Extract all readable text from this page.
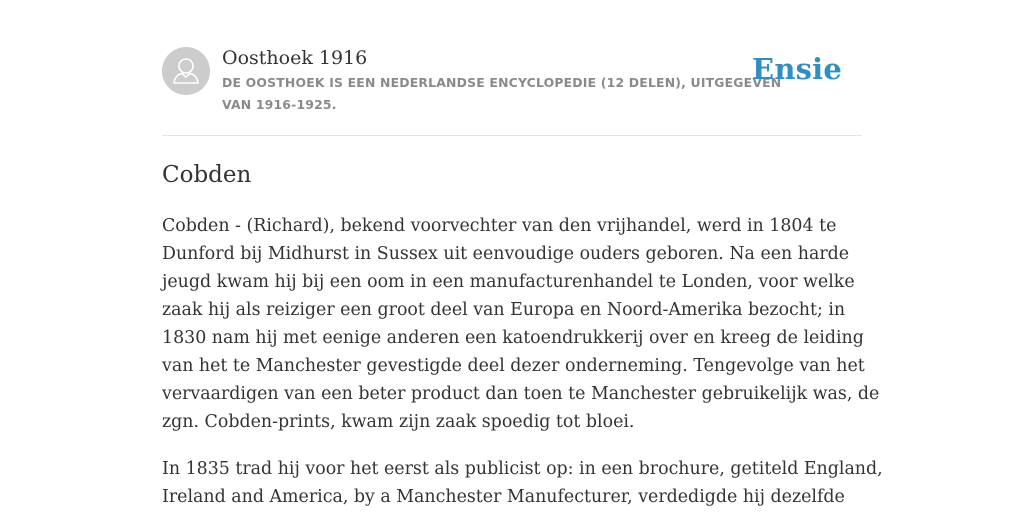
Oosthoek 1916
DE OOSTHOEK IS EEN NEDERLANDSE ENCYCLOPEDIE (12 DELEN), UITGEGEVEN
VAN 1916-1925.
Ensie
Cobden

Cobden - (Richard), bekend voorvechter van den vrijhandel, werd in 1804 te
Dunford bij Midhurst in Sussex uit eenvoudige ouders geboren. Na een harde
jeugd kwam hij bij een oom in een manufacturenhandel te Londen, voor welke
zaak hij als reiziger een groot deel van Europa en Noord-Amerika bezocht; in
1830 nam hij met eenige anderen een katoendrukkerij over en kreeg de leiding
van het te Manchester gevestigde deel dezer onderneming. Tengevolge van het
vervaardigen van een beter product dan toen te Manchester gebruikelijk was, de
zgn. Cobden-prints, kwam zijn zaak spoedig tot bloei.

In 1835 trad hij voor het eerst als publicist op: in een brochure, getiteld England,
Ireland and America, by a Manchester Manufecturer, verdedigde hij dezelfde
